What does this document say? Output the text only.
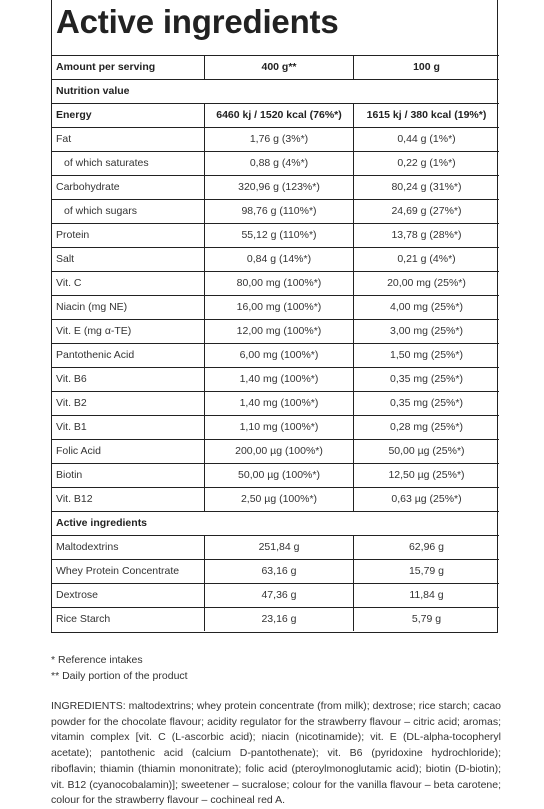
Active ingredients
Amount per serving	400 g**	100 g
Nutrition value		
Energy	6460 kj / 1520 kcal (76%*)	1615 kj / 380 kcal (19%*)
Fat	1,76 g (3%*)	0,44 g (1%*)
of which saturates	0,88 g (4%*)	0,22 g (1%*)
Carbohydrate	320,96 g (123%*)	80,24 g (31%*)
of which sugars	98,76 g (110%*)	24,69 g (27%*)
Protein	55,12 g (110%*)	13,78 g (28%*)
Salt	0,84 g (14%*)	0,21 g (4%*)
Vit. C	80,00 mg (100%*)	20,00 mg (25%*)
Niacin (mg NE)	16,00 mg (100%*)	4,00 mg (25%*)
Vit. E (mg α-TE)	12,00 mg (100%*)	3,00 mg (25%*)
Pantothenic Acid	6,00 mg (100%*)	1,50 mg (25%*)
Vit. B6	1,40 mg (100%*)	0,35 mg (25%*)
Vit. B2	1,40 mg (100%*)	0,35 mg (25%*)
Vit. B1	1,10 mg (100%*)	0,28 mg (25%*)
Folic Acid	200,00 µg (100%*)	50,00 µg (25%*)
Biotin	50,00 µg (100%*)	12,50 µg (25%*)
Vit. B12	2,50 µg (100%*)	0,63 µg (25%*)
Active ingredients		
Maltodextrins	251,84 g	62,96 g
Whey Protein Concentrate	63,16 g	15,79 g
Dextrose	47,36 g	11,84 g
Rice Starch	23,16 g	5,79 g

* Reference intakes

** Daily portion of the product

INGREDIENTS: maltodextrins; whey protein concentrate (from milk); dextrose; rice starch; cacao powder for the chocolate flavour; acidity regulator for the strawberry flavour – citric acid; aromas; vitamin complex [vit. C (L-ascorbic acid); niacin (nicotinamide); vit. E (DL-alpha-tocopheryl acetate); pantothenic acid (calcium D-pantothenate); vit. B6 (pyridoxine hydrochloride); riboflavin; thiamin (thiamin mononitrate); folic acid (pteroylmonoglutamic acid); biotin (D-biotin); vit. B12 (cyanocobalamin)]; sweetener – sucralose; colour for the vanilla flavour – beta carotene; colour for the strawberry flavour – cochineal red A.
